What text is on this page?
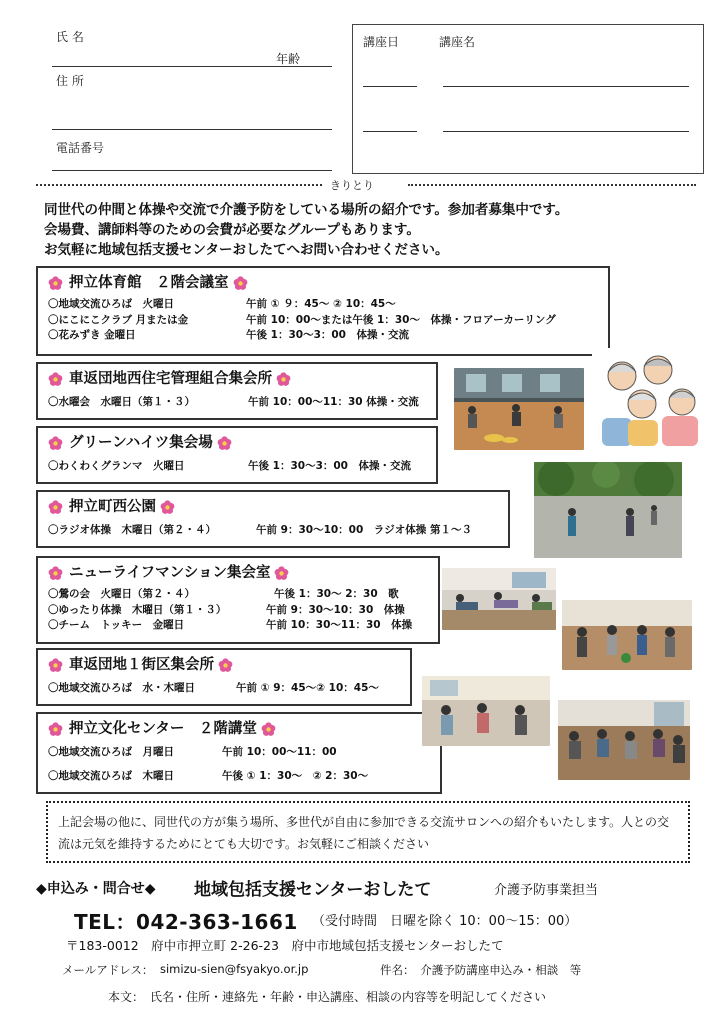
氏 名
年齢
住 所
電話番号
講座日	講座名
きりとり
同世代の仲間と体操や交流で介護予防をしている場所の紹介です。参加者募集中です。
会場費、講師料等のための会費が必要なグループもあります。
お気軽に地域包括支援センターおしたてへお問い合わせください。
押立体育館　２階会議室
〇地域交流ひろば　火曜日	午前 ① ９：45～ ② 10：45～
〇にこにこクラブ 月または金	午前 10：00～または午後 1：30～　体操・フロアーカーリング
〇花みずき 金曜日	午後 1：30～3：00　体操・交流
車返団地西住宅管理組合集会所
〇水曜会　水曜日（第１・３）	午前 10：00～11：30 体操・交流
グリーンハイツ集会場
〇わくわくグランマ　火曜日	午後 1：30～3：00　体操・交流
押立町西公園
〇ラジオ体操　木曜日（第２・４）	午前 9：30～10：00　ラジオ体操 第１～３
ニューライフマンション集会室
〇鶯の会　火曜日（第２・４）	午後 1：30～ 2：30　歌
〇ゆったり体操　木曜日（第１・３）	午前 9：30～10：30　体操
〇チーム　トッキー　金曜日	午前 10：30～11：30　体操
車返団地１街区集会所
〇地域交流ひろば　水・木曜日	午前 ① 9：45～② 10：45～
押立文化センター　２階講堂
〇地域交流ひろば　月曜日	午前 10：00～11：00
〇地域交流ひろば　木曜日	午後 ① 1：30～　② 2：30～
上記会場の他に、同世代の方が集う場所、多世代が自由に参加できる交流サロンへの紹介もいたします。人との交流は元気を維持するためにとても大切です。お気軽にご相談ください
◆申込み・問合せ◆ 地域包括支援センターおしたて	介護予防事業担当
TEL：042-363-1661 （受付時間　日曜を除く 10：00～15：00）
〒183-0012　府中市押立町 2-26-23　府中市地域包括支援センターおしたて
メールアドレス： simizu-sien@fsyakyo.or.jp	件名：　介護予防講座申込み・相談　等
本文：　氏名・住所・連絡先・年齢・申込講座、相談の内容等を明記してください
